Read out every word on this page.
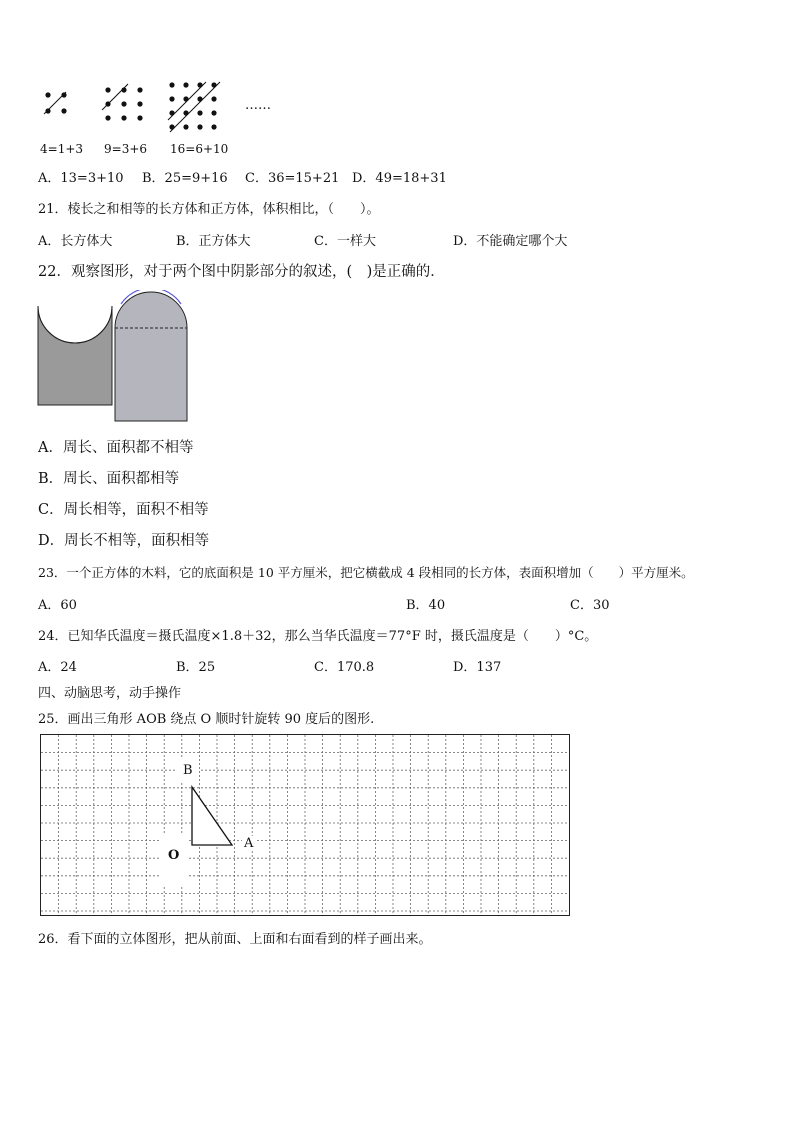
……
4=1+3 9=3+6 16=6+10
A．13=3+10 B．25=9+16 C．36=15+21 D．49=18+31
21．棱长之和相等的长方体和正方体，体积相比，（　　）。
A．长方体大	B．正方体大	C．一样大	D．不能确定哪个大
22．观察图形，对于两个图中阴影部分的叙述，(　)是正确的．
A．周长、面积都不相等
B．周长、面积都相等
C．周长相等，面积不相等
D．周长不相等，面积相等
23．一个正方体的木料，它的底面积是 10 平方厘米，把它横截成 4 段相同的长方体，表面积增加（　　）平方厘米。
A．60	B．40	C．30
24．已知华氏温度＝摄氏温度×1.8＋32，那么当华氏温度＝77°F 时，摄氏温度是（　　）°C。
A．24	B．25	C．170.8	D．137
四、动脑思考，动手操作
25．画出三角形 AOB 绕点 O 顺时针旋转 90 度后的图形.
B
A
O
26．看下面的立体图形，把从前面、上面和右面看到的样子画出来。
